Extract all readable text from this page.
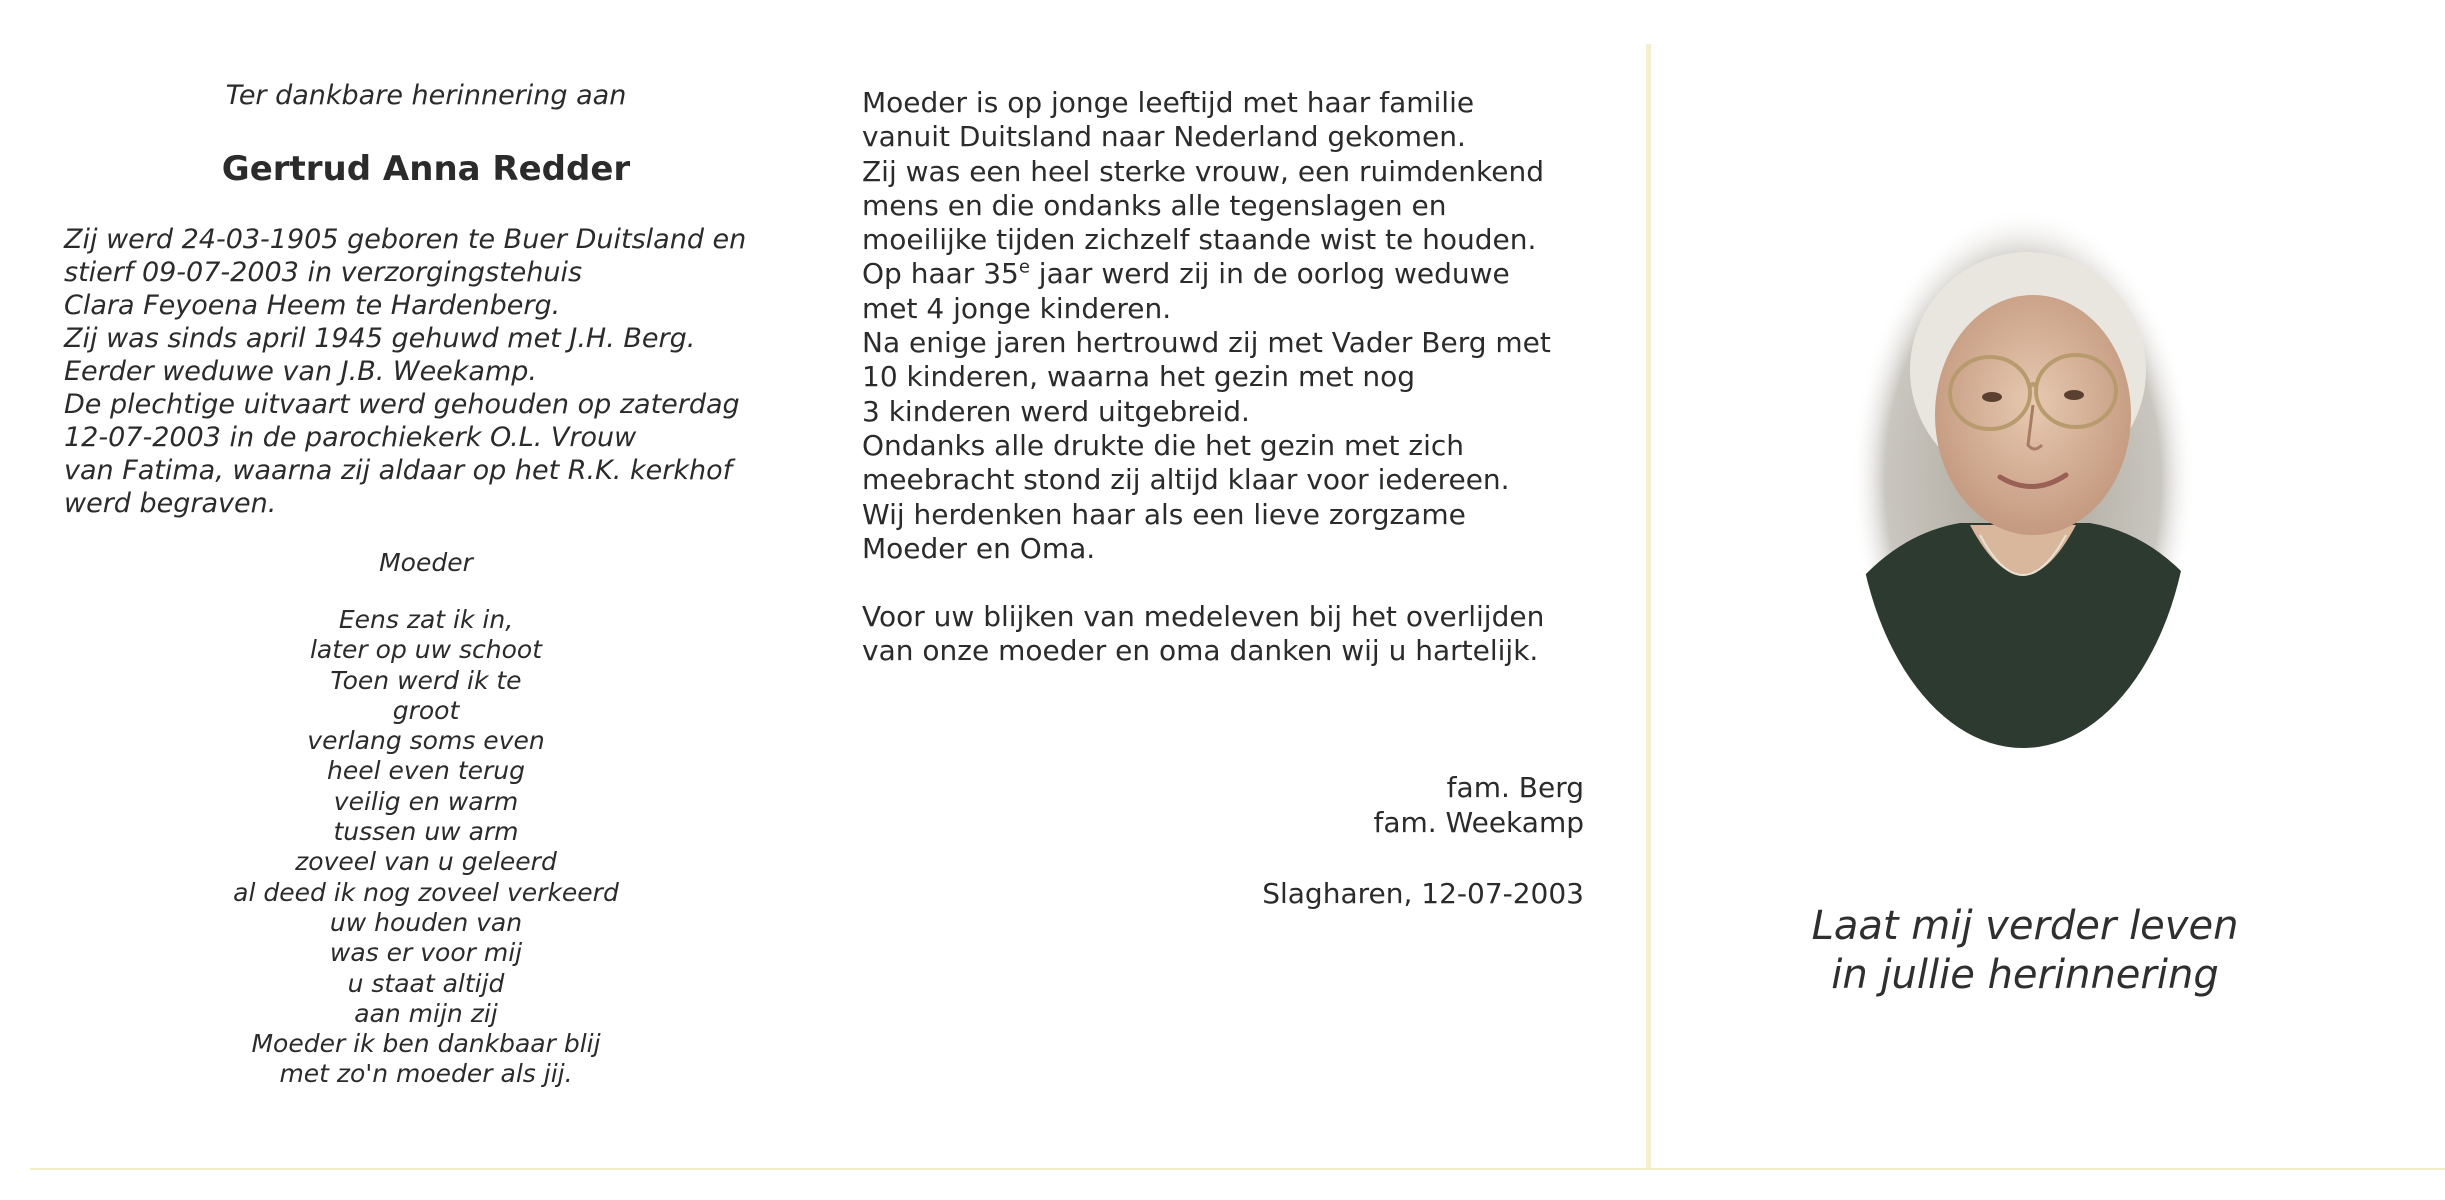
Ter dankbare herinnering aan
Gertrud Anna Redder
Zij werd 24-03-1905 geboren te Buer Duitsland en
stierf 09-07-2003 in verzorgingstehuis
Clara Feyoena Heem te Hardenberg.
Zij was sinds april 1945 gehuwd met J.H. Berg.
Eerder weduwe van J.B. Weekamp.
De plechtige uitvaart werd gehouden op zaterdag
12-07-2003 in de parochiekerk O.L. Vrouw
van Fatima, waarna zij aldaar op het R.K. kerkhof
werd begraven.
Moeder
Eens zat ik in,
later op uw schoot
Toen werd ik te
groot
verlang soms even
heel even terug
veilig en warm
tussen uw arm
zoveel van u geleerd
al deed ik nog zoveel verkeerd
uw houden van
was er voor mij
u staat altijd
aan mijn zij
Moeder ik ben dankbaar blij
met zo'n moeder als jij.
Moeder is op jonge leeftijd met haar familie
vanuit Duitsland naar Nederland gekomen.
Zij was een heel sterke vrouw, een ruimdenkend
mens en die ondanks alle tegenslagen en
moeilijke tijden zichzelf staande wist te houden.
Op haar 35e jaar werd zij in de oorlog weduwe
met 4 jonge kinderen.
Na enige jaren hertrouwd zij met Vader Berg met
10 kinderen, waarna het gezin met nog
3 kinderen werd uitgebreid.
Ondanks alle drukte die het gezin met zich
meebracht stond zij altijd klaar voor iedereen.
Wij herdenken haar als een lieve zorgzame
Moeder en Oma.
Voor uw blijken van medeleven bij het overlijden
van onze moeder en oma danken wij u hartelijk.
fam. Berg
fam. Weekamp
Slagharen, 12-07-2003
Laat mij verder leven
in jullie herinnering
